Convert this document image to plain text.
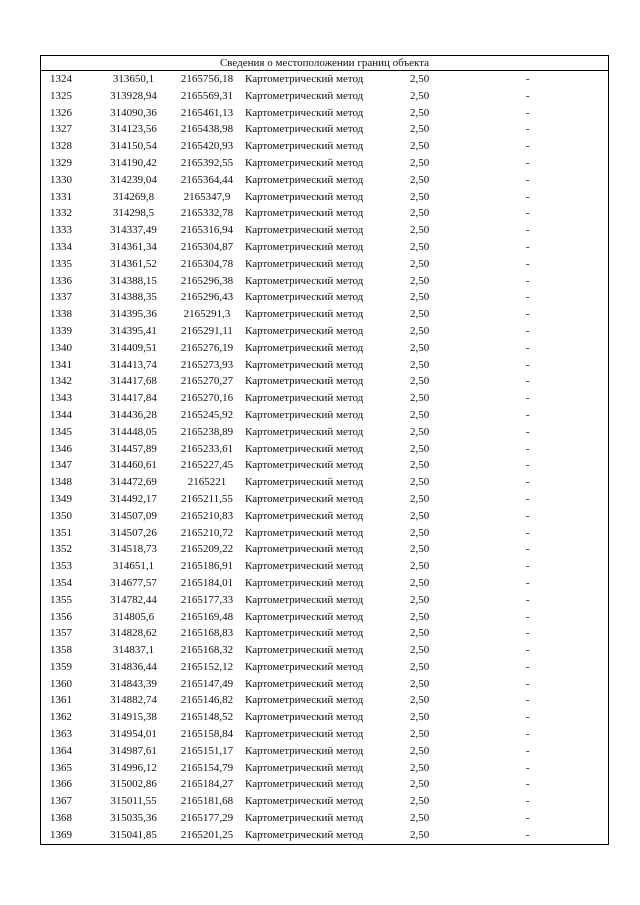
Сведения о местоположении границ объекта
1324	313650,1	2165756,18	Картометрический метод	2,50	-
1325	313928,94	2165569,31	Картометрический метод	2,50	-
1326	314090,36	2165461,13	Картометрический метод	2,50	-
1327	314123,56	2165438,98	Картометрический метод	2,50	-
1328	314150,54	2165420,93	Картометрический метод	2,50	-
1329	314190,42	2165392,55	Картометрический метод	2,50	-
1330	314239,04	2165364,44	Картометрический метод	2,50	-
1331	314269,8	2165347,9	Картометрический метод	2,50	-
1332	314298,5	2165332,78	Картометрический метод	2,50	-
1333	314337,49	2165316,94	Картометрический метод	2,50	-
1334	314361,34	2165304,87	Картометрический метод	2,50	-
1335	314361,52	2165304,78	Картометрический метод	2,50	-
1336	314388,15	2165296,38	Картометрический метод	2,50	-
1337	314388,35	2165296,43	Картометрический метод	2,50	-
1338	314395,36	2165291,3	Картометрический метод	2,50	-
1339	314395,41	2165291,11	Картометрический метод	2,50	-
1340	314409,51	2165276,19	Картометрический метод	2,50	-
1341	314413,74	2165273,93	Картометрический метод	2,50	-
1342	314417,68	2165270,27	Картометрический метод	2,50	-
1343	314417,84	2165270,16	Картометрический метод	2,50	-
1344	314436,28	2165245,92	Картометрический метод	2,50	-
1345	314448,05	2165238,89	Картометрический метод	2,50	-
1346	314457,89	2165233,61	Картометрический метод	2,50	-
1347	314460,61	2165227,45	Картометрический метод	2,50	-
1348	314472,69	2165221	Картометрический метод	2,50	-
1349	314492,17	2165211,55	Картометрический метод	2,50	-
1350	314507,09	2165210,83	Картометрический метод	2,50	-
1351	314507,26	2165210,72	Картометрический метод	2,50	-
1352	314518,73	2165209,22	Картометрический метод	2,50	-
1353	314651,1	2165186,91	Картометрический метод	2,50	-
1354	314677,57	2165184,01	Картометрический метод	2,50	-
1355	314782,44	2165177,33	Картометрический метод	2,50	-
1356	314805,6	2165169,48	Картометрический метод	2,50	-
1357	314828,62	2165168,83	Картометрический метод	2,50	-
1358	314837,1	2165168,32	Картометрический метод	2,50	-
1359	314836,44	2165152,12	Картометрический метод	2,50	-
1360	314843,39	2165147,49	Картометрический метод	2,50	-
1361	314882,74	2165146,82	Картометрический метод	2,50	-
1362	314915,38	2165148,52	Картометрический метод	2,50	-
1363	314954,01	2165158,84	Картометрический метод	2,50	-
1364	314987,61	2165151,17	Картометрический метод	2,50	-
1365	314996,12	2165154,79	Картометрический метод	2,50	-
1366	315002,86	2165184,27	Картометрический метод	2,50	-
1367	315011,55	2165181,68	Картометрический метод	2,50	-
1368	315035,36	2165177,29	Картометрический метод	2,50	-
1369	315041,85	2165201,25	Картометрический метод	2,50	-
